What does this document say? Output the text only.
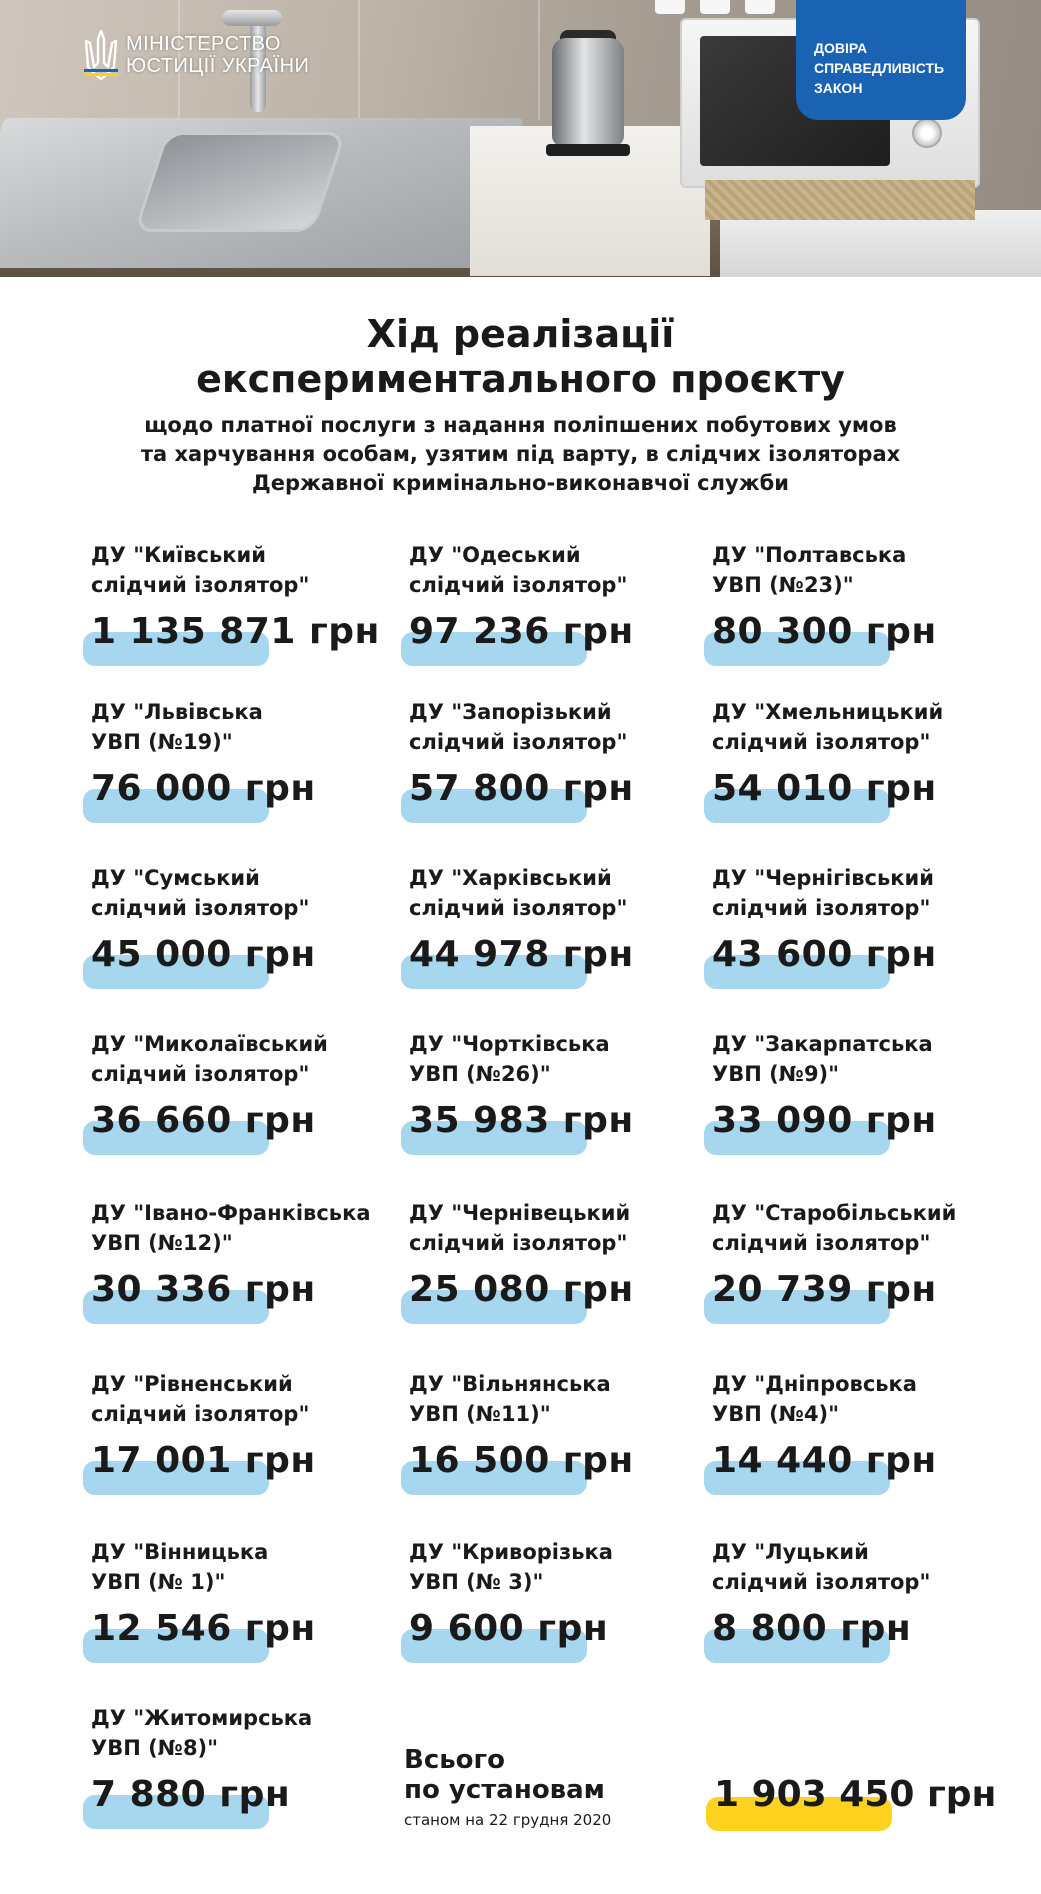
МІНІСТЕРСТВО
ЮСТИЦІЇ УКРАЇНИ
ДОВІРА
СПРАВЕДЛИВІСТЬ
ЗАКОН
Хід реалізації
експериментального проєкту
щодо платної послуги з надання поліпшених побутових умов
та харчування особам, узятим під варту, в слідчих ізоляторах
Державної кримінально-виконавчої служби
ДУ "Київський
слідчий ізолятор"
1 135 871 грн
ДУ "Одеський
слідчий ізолятор"
97 236 грн
ДУ "Полтавська
УВП (№23)"
80 300 грн
ДУ "Львівська
УВП (№19)"
76 000 грн
ДУ "Запорізький
слідчий ізолятор"
57 800 грн
ДУ "Хмельницький
слідчий ізолятор"
54 010 грн
ДУ "Сумський
слідчий ізолятор"
45 000 грн
ДУ "Харківський
слідчий ізолятор"
44 978 грн
ДУ "Чернігівський
слідчий ізолятор"
43 600 грн
ДУ "Миколаївський
слідчий ізолятор"
36 660 грн
ДУ "Чортківська
УВП (№26)"
35 983 грн
ДУ "Закарпатська
УВП (№9)"
33 090 грн
ДУ "Івано-Франківська
УВП (№12)"
30 336 грн
ДУ "Чернівецький
слідчий ізолятор"
25 080 грн
ДУ "Старобільський
слідчий ізолятор"
20 739 грн
ДУ "Рівненський
слідчий ізолятор"
17 001 грн
ДУ "Вільнянська
УВП (№11)"
16 500 грн
ДУ "Дніпровська
УВП (№4)"
14 440 грн
ДУ "Вінницька
УВП (№ 1)"
12 546 грн
ДУ "Криворізька
УВП (№ 3)"
9 600 грн
ДУ "Луцький
слідчий ізолятор"
8 800 грн
ДУ "Житомирська
УВП (№8)"
7 880 грн
Всього
по установам
станом на 22 грудня 2020
1 903 450 грн
